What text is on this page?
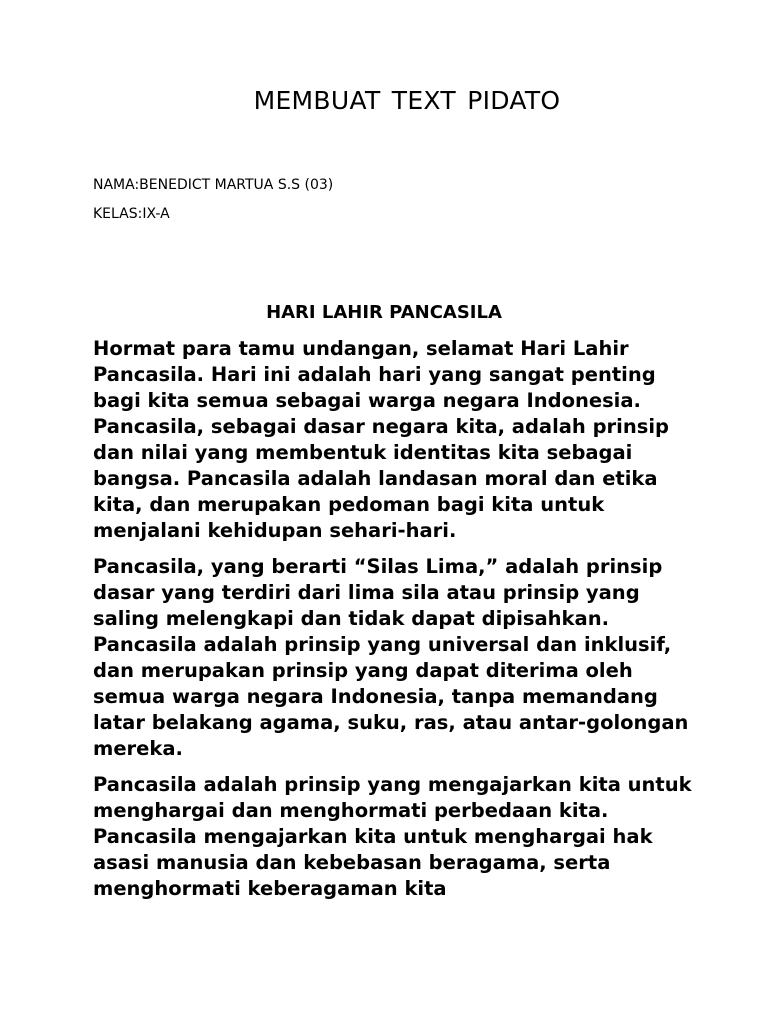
MEMBUAT TEXT PIDATO
NAMA:BENEDICT MARTUA S.S (03)
KELAS:IX-A
HARI LAHIR PANCASILA

Hormat para tamu undangan, selamat Hari Lahir Pancasila. Hari ini adalah hari yang sangat penting bagi kita semua sebagai warga negara Indonesia. Pancasila, sebagai dasar negara kita, adalah prinsip dan nilai yang membentuk identitas kita sebagai bangsa. Pancasila adalah landasan moral dan etika kita, dan merupakan pedoman bagi kita untuk menjalani kehidupan sehari-hari.

Pancasila, yang berarti “Silas Lima,” adalah prinsip dasar yang terdiri dari lima sila atau prinsip yang saling melengkapi dan tidak dapat dipisahkan. Pancasila adalah prinsip yang universal dan inklusif, dan merupakan prinsip yang dapat diterima oleh semua warga negara Indonesia, tanpa memandang latar belakang agama, suku, ras, atau antar-golongan mereka.

Pancasila adalah prinsip yang mengajarkan kita untuk menghargai dan menghormati perbedaan kita. Pancasila mengajarkan kita untuk menghargai hak asasi manusia dan kebebasan beragama, serta menghormati keberagaman kita
